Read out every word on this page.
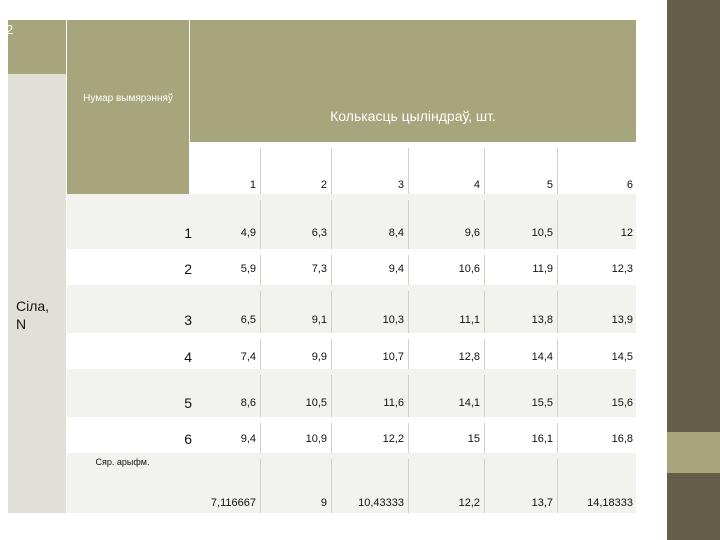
2
Нумар вымярэнняў
Колькасць цыліндраў, шт.
Сіла,
N
Сяр. арыфм.
1	2	3	4	5	6
1	4,9	6,3	8,4	9,6	10,5	12
2	5,9	7,3	9,4	10,6	11,9	12,3
3	6,5	9,1	10,3	11,1	13,8	13,9
4	7,4	9,9	10,7	12,8	14,4	14,5
5	8,6	10,5	11,6	14,1	15,5	15,6
6	9,4	10,9	12,2	15	16,1	16,8
7,116667	9	10,43333	12,2	13,7	14,18333
